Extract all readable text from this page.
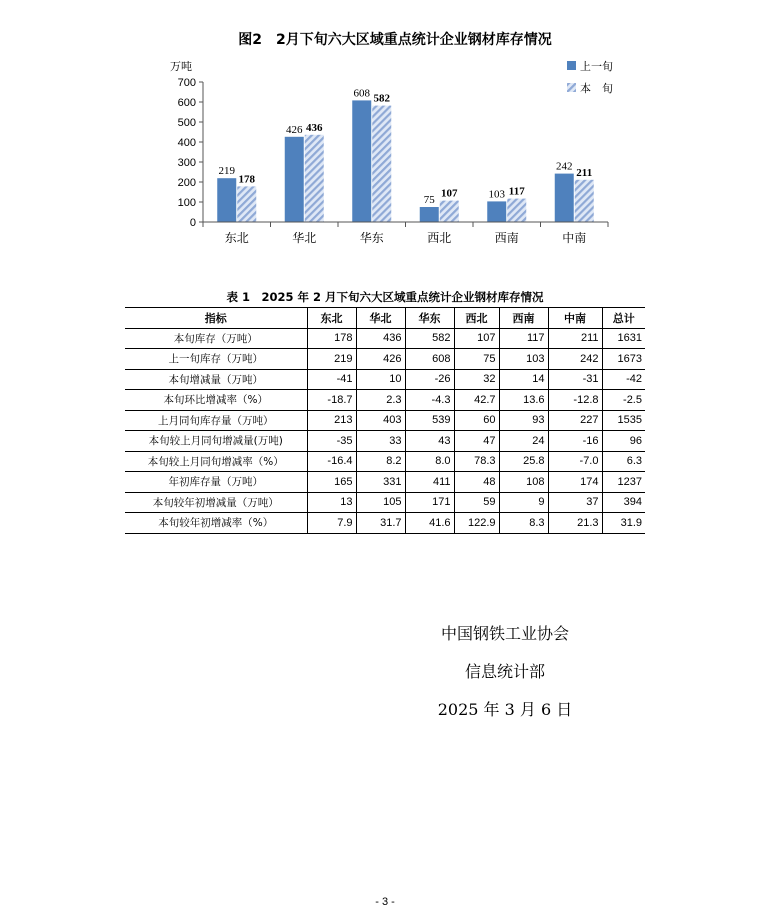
图2　2月下旬六大区域重点统计企业钢材库存情况
万吨
0
100
200
300
400
500
600
700
219
178
426 436
608 582
75
107	103 117
242
211
东北	华北	华东	西北	西南	中南
上一旬
本　旬
表 1　2025 年 2 月下旬六大区域重点统计企业钢材库存情况
指标	东北	华北	华东	西北	西南	中南	总计
本旬库存（万吨）	178	436	582	107	117	211	1631
上一旬库存（万吨）	219	426	608	75	103	242	1673
本旬增减量（万吨）	-41	10	-26	32	14	-31	-42
本旬环比增减率（%）	-18.7	2.3	-4.3	42.7	13.6	-12.8	-2.5
上月同旬库存量（万吨）	213	403	539	60	93	227	1535
本旬较上月同旬增减量(万吨)	-35	33	43	47	24	-16	96
本旬较上月同旬增减率（%）	-16.4	8.2	8.0	78.3	25.8	-7.0	6.3
年初库存量（万吨）	165	331	411	48	108	174	1237
本旬较年初增减量（万吨）	13	105	171	59	9	37	394
本旬较年初增减率（%）	7.9	31.7	41.6	122.9	8.3	21.3	31.9
中国钢铁工业协会
信息统计部
2025 年 3 月 6 日
- 3 -
